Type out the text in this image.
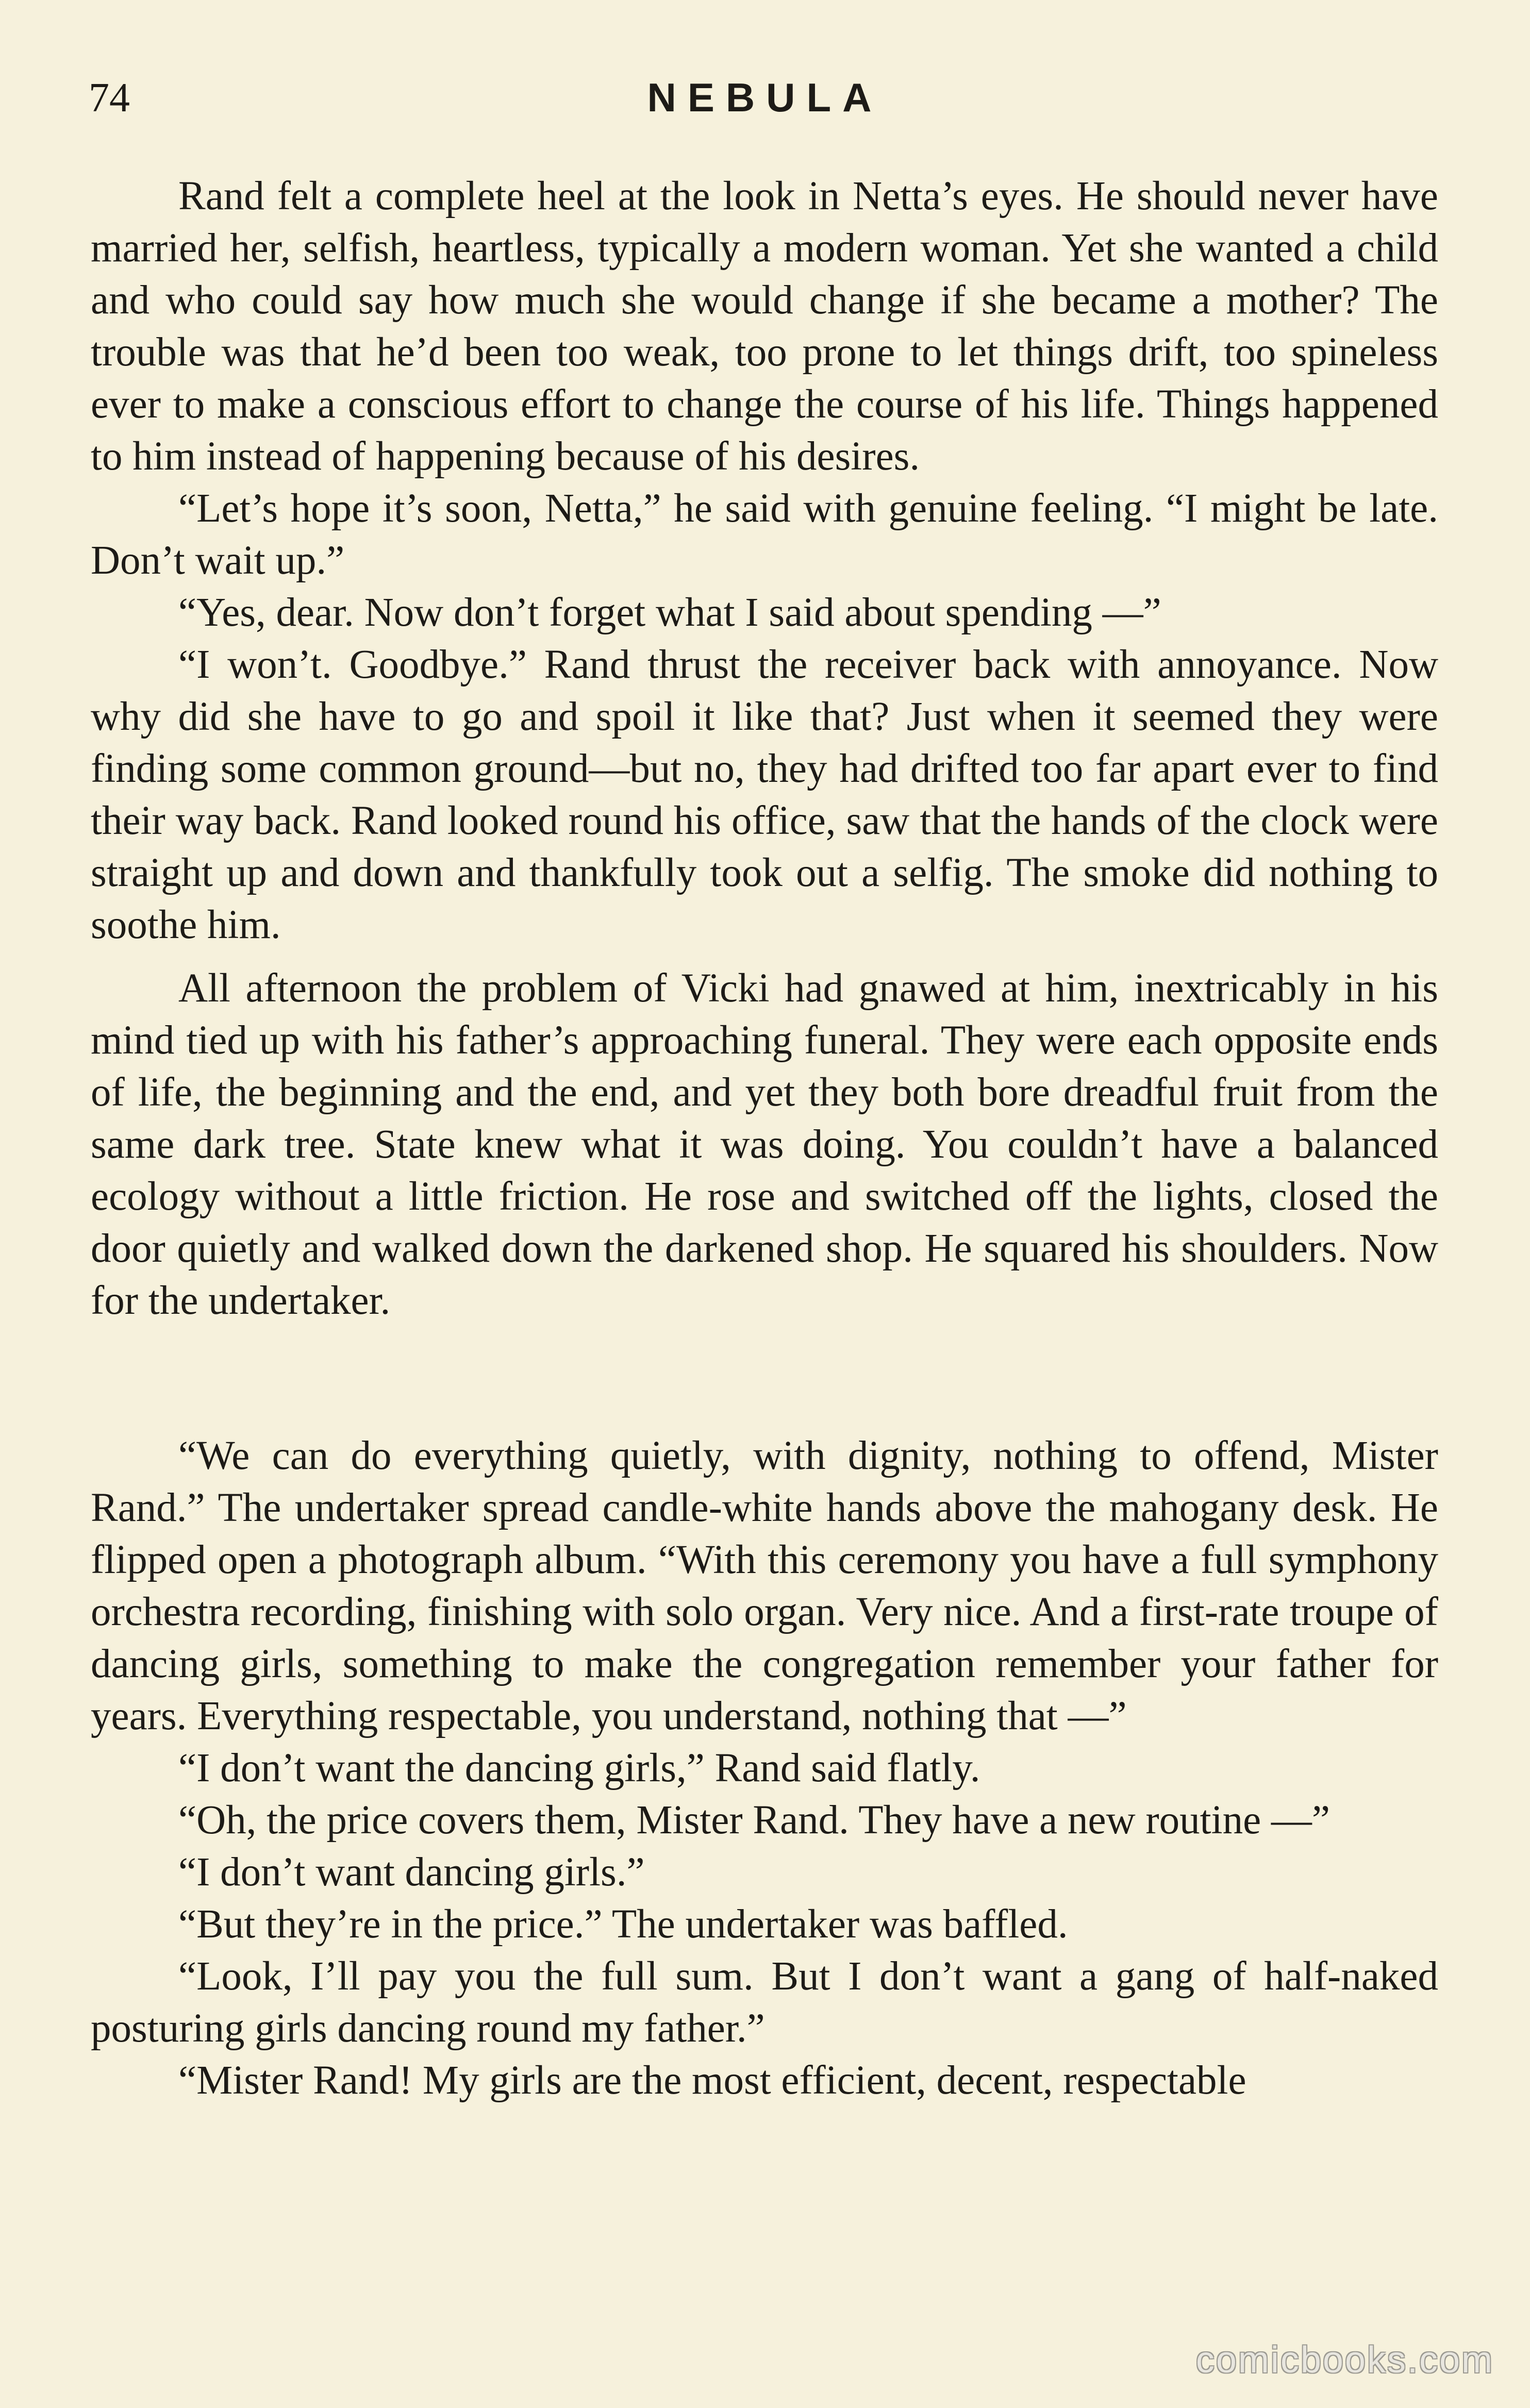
74	NEBULA

Rand felt a complete heel at the look in Netta’s eyes. He should never have married her, selfish, heartless, typically a modern woman. Yet she wanted a child and who could say how much she would change if she became a mother? The trouble was that he’d been too weak, too prone to let things drift, too spineless ever to make a conscious effort to change the course of his life. Things happened to him instead of happening because of his desires.

“Let’s hope it’s soon, Netta,” he said with genuine feeling. “I might be late. Don’t wait up.”

“Yes, dear. Now don’t forget what I said about spending —”

“I won’t. Goodbye.” Rand thrust the receiver back with annoyance. Now why did she have to go and spoil it like that? Just when it seemed they were finding some common ground—but no, they had drifted too far apart ever to find their way back. Rand looked round his office, saw that the hands of the clock were straight up and down and thankfully took out a selfig. The smoke did nothing to soothe him.

All afternoon the problem of Vicki had gnawed at him, inextricably in his mind tied up with his father’s approaching funeral. They were each opposite ends of life, the beginning and the end, and yet they both bore dreadful fruit from the same dark tree. State knew what it was doing. You couldn’t have a balanced ecology without a little friction. He rose and switched off the lights, closed the door quietly and walked down the darkened shop. He squared his shoulders. Now for the undertaker.

“We can do everything quietly, with dignity, nothing to offend, Mister Rand.” The undertaker spread candle-white hands above the mahogany desk. He flipped open a photograph album. “With this ceremony you have a full symphony orchestra recording, finishing with solo organ. Very nice. And a first-rate troupe of dancing girls, something to make the congregation remember your father for years. Everything respectable, you understand, nothing that —”

“I don’t want the dancing girls,” Rand said flatly.

“Oh, the price covers them, Mister Rand. They have a new routine —”

“I don’t want dancing girls.”

“But they’re in the price.” The undertaker was baffled.

“Look, I’ll pay you the full sum. But I don’t want a gang of half-naked posturing girls dancing round my father.”

“Mister Rand! My girls are the most efficient, decent, respectable

comicbooks.com
